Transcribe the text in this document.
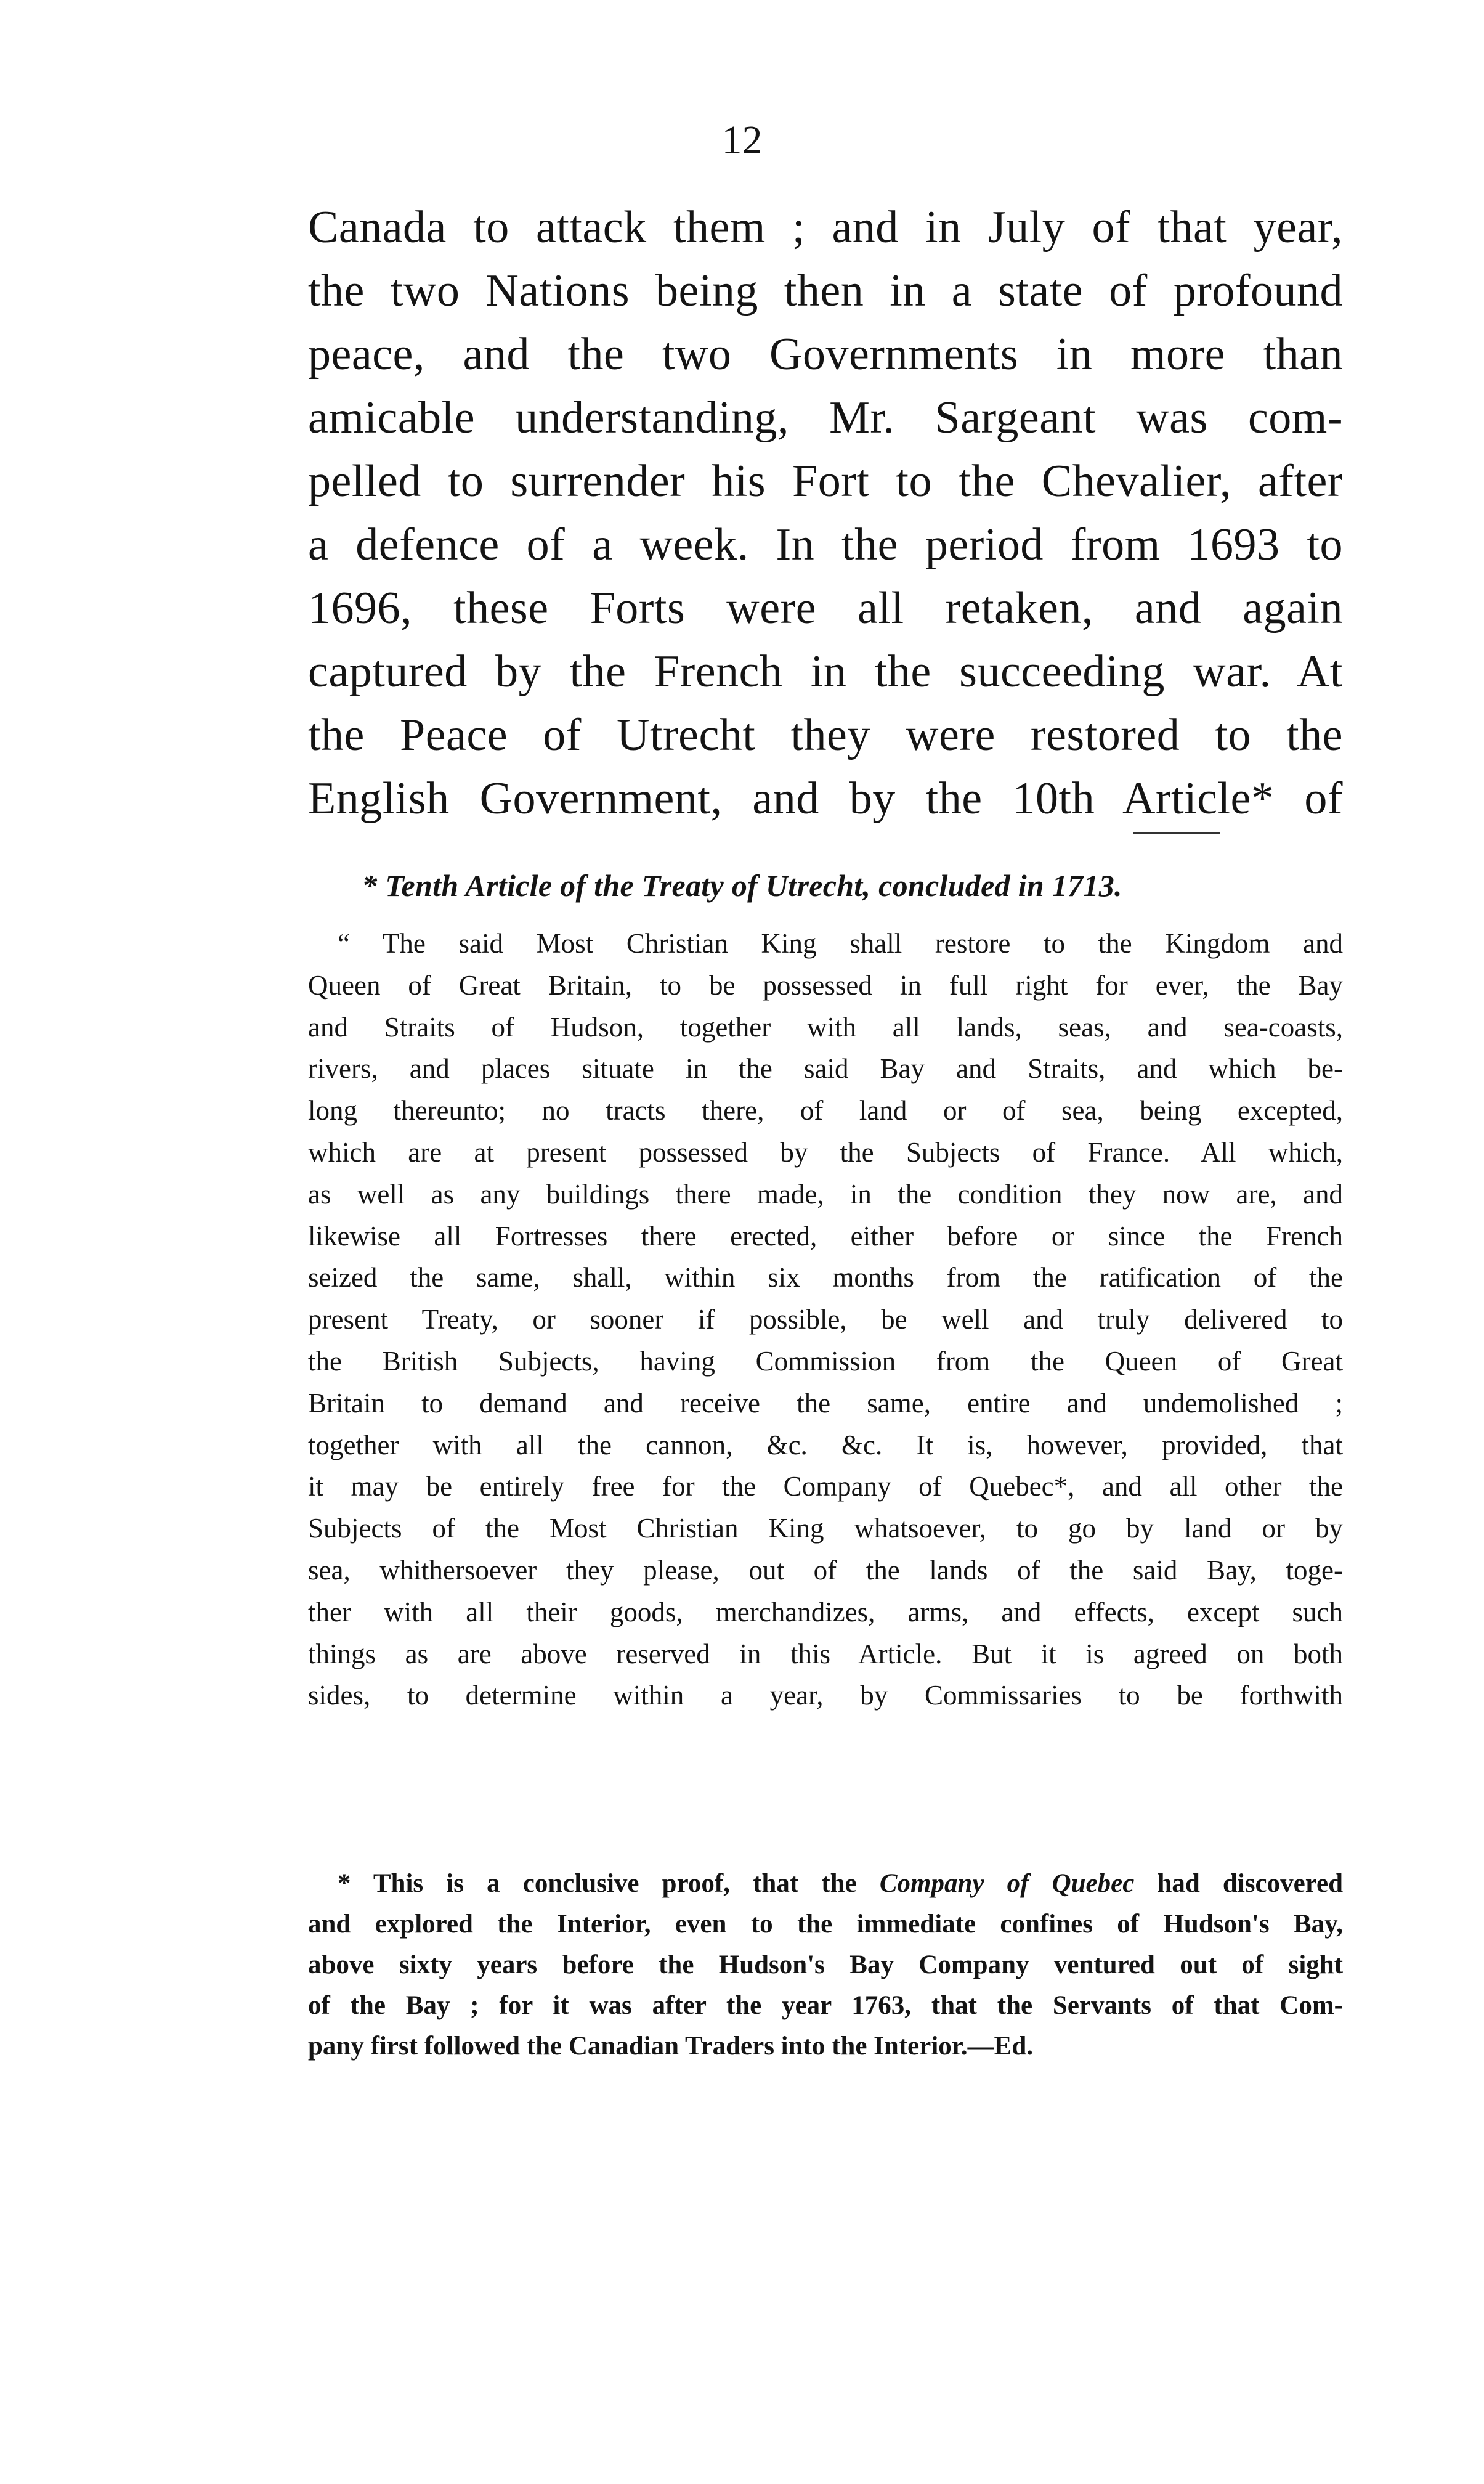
12
Canada to attack them ; and in July of that year,
the two Nations being then in a state of profound
peace, and the two Governments in more than
amicable understanding, Mr. Sargeant was com-
pelled to surrender his Fort to the Chevalier, after
a defence of a week. In the period from 1693 to
1696, these Forts were all retaken, and again
captured by the French in the succeeding war. At
the Peace of Utrecht they were restored to the
English Government, and by the 10th Article* of
* Tenth Article of the Treaty of Utrecht, concluded in 1713.
“ The said Most Christian King shall restore to the Kingdom and
Queen of Great Britain, to be possessed in full right for ever, the Bay
and Straits of Hudson, together with all lands, seas, and sea-coasts,
rivers, and places situate in the said Bay and Straits, and which be-
long thereunto; no tracts there, of land or of sea, being excepted,
which are at present possessed by the Subjects of France. All which,
as well as any buildings there made, in the condition they now are, and
likewise all Fortresses there erected, either before or since the French
seized the same, shall, within six months from the ratification of the
present Treaty, or sooner if possible, be well and truly delivered to
the British Subjects, having Commission from the Queen of Great
Britain to demand and receive the same, entire and undemolished ;
together with all the cannon, &c. &c. It is, however, provided, that
it may be entirely free for the Company of Quebec*, and all other the
Subjects of the Most Christian King whatsoever, to go by land or by
sea, whithersoever they please, out of the lands of the said Bay, toge-
ther with all their goods, merchandizes, arms, and effects, except such
things as are above reserved in this Article. But it is agreed on both
sides, to determine within a year, by Commissaries to be forthwith
* This is a conclusive proof, that the Company of Quebec had discovered
and explored the Interior, even to the immediate confines of Hudson's Bay,
above sixty years before the Hudson's Bay Company ventured out of sight
of the Bay ; for it was after the year 1763, that the Servants of that Com-
pany first followed the Canadian Traders into the Interior.—Ed.
